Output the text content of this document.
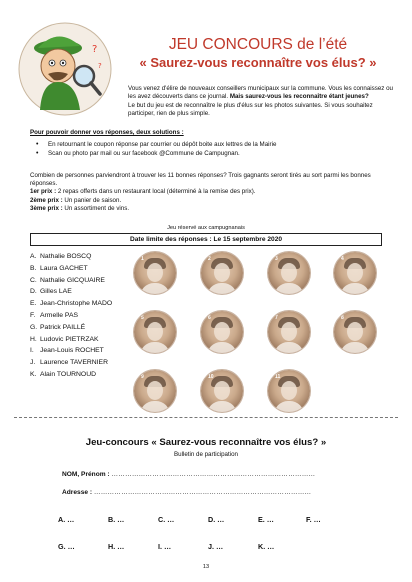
?
?
JEU CONCOURS de l’été
« Saurez-vous reconnaître vos élus? »

Vous venez d'élire de nouveaux conseillers municipaux sur la commune. Vous les connaissez ou les avez découverts dans ce journal. Mais saurez-vous les reconnaître étant jeunes?

Le but du jeu est de reconnaître le plus d'élus sur les photos suivantes. Si vous souhaitez participer, rien de plus simple.

Pour pouvoir donner vos réponses, deux solutions :
• En retournant le coupon réponse par courrier ou dépôt boite aux lettres de la Mairie
• Scan ou photo par mail ou sur facebook @Commune de Campugnan.
Combien de personnes parviendront à trouver les 11 bonnes réponses? Trois gagnants seront tirés au sort parmi les bonnes réponses.
1er prix : 2 repas offerts dans un restaurant local (déterminé à la remise des prix).
2ème prix : Un panier de saison.
3ème prix : Un assortiment de vins.
Jeu réservé aux campugnanais
Date limite des réponses : Le 15 septembre 2020
A. Nathalie BOSCQ
B. Laura GACHET
C. Nathalie GICQUAIRE
D. Gilles LAE
E. Jean-Christophe MADO
F. Armelle PAS
G. Patrick PAILLÉ
H. Ludovic PIETRZAK
I. Jean-Louis ROCHET
J. Laurence TAVERNIER
K. Alain TOURNOUD
1	2	3	4
5	6	7	8
9	10	11
Jeu-concours « Saurez-vous reconnaître vos élus? »
Bulletin de participation
NOM, Prénom : ………………………………………………………………………………
Adresse : ……………………………………………………………………………………
A. …	B. …	C. …	D. …	E. …	F. …
G. …	H. …	I. …	J. …	K. …
13
